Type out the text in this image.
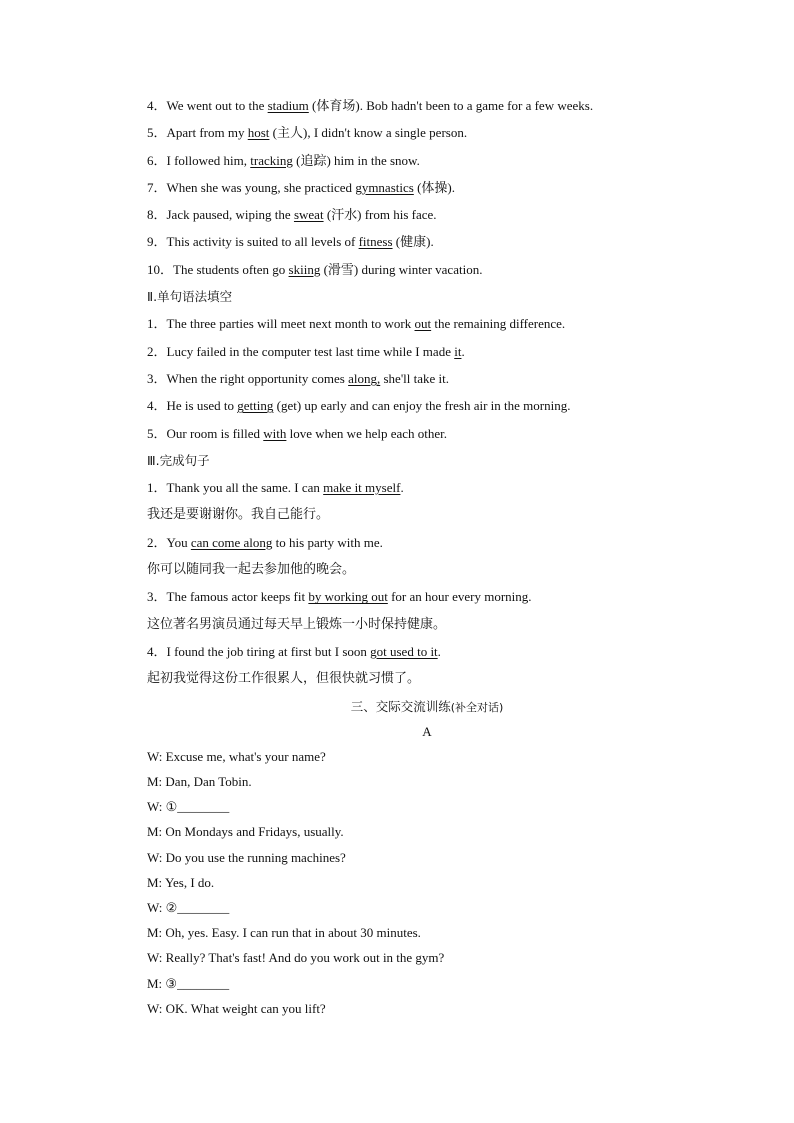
4．We went out to the stadium (体育场). Bob hadn't been to a game for a few weeks.
5．Apart from my host (主人), I didn't know a single person.
6．I followed him, tracking (追踪) him in the snow.
7．When she was young, she practiced gymnastics (体操).
8．Jack paused, wiping the sweat (汗水) from his face.
9．This activity is suited to all levels of fitness (健康).
10．The students often go skiing (滑雪) during winter vacation.
Ⅱ.单句语法填空
1．The three parties will meet next month to work out the remaining difference.
2．Lucy failed in the computer test last time while I made it.
3．When the right opportunity comes along, she'll take it.
4．He is used to getting (get) up early and can enjoy the fresh air in the morning.
5．Our room is filled with love when we help each other.
Ⅲ.完成句子
1．Thank you all the same. I can make it myself.
我还是要谢谢你。我自己能行。
2．You can come along to his party with me.
你可以随同我一起去参加他的晚会。
3．The famous actor keeps fit by working out for an hour every morning.
这位著名男演员通过每天早上锻炼一小时保持健康。
4．I found the job tiring at first but I soon got used to it.
起初我觉得这份工作很累人，但很快就习惯了。
三、交际交流训练(补全对话)
A
W: Excuse me, what's your name?
M: Dan, Dan Tobin.
W: ①________
M: On Mondays and Fridays, usually.
W: Do you use the running machines?
M: Yes, I do.
W: ②________
M: Oh, yes. Easy. I can run that in about 30 minutes.
W: Really? That's fast! And do you work out in the gym?
M: ③________
W: OK. What weight can you lift?
